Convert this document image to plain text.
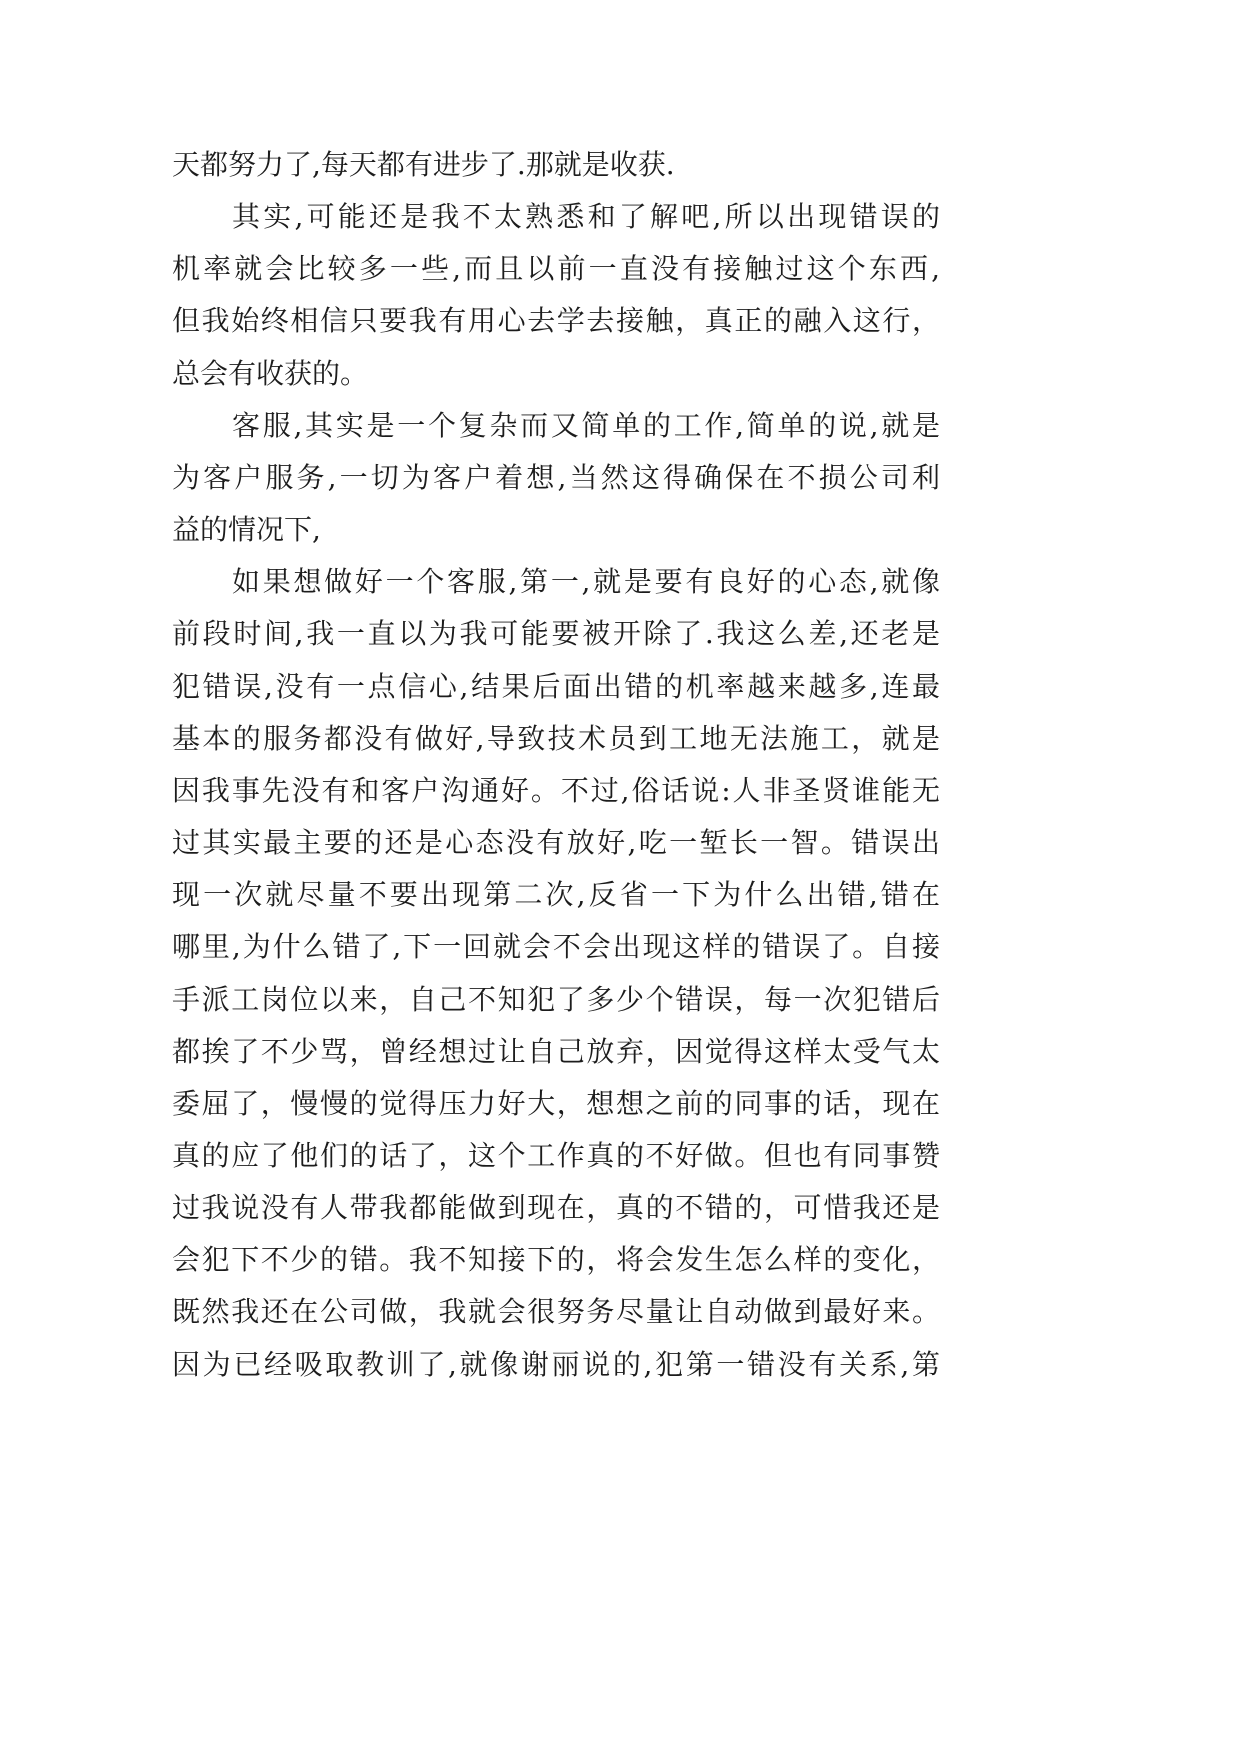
天都努力了,每天都有进步了.那就是收获.
其实,可能还是我不太熟悉和了解吧,所以出现错误的
机率就会比较多一些,而且以前一直没有接触过这个东西,
但我始终相信只要我有用心去学去接触，真正的融入这行，
总会有收获的。
客服,其实是一个复杂而又简单的工作,简单的说,就是
为客户服务,一切为客户着想,当然这得确保在不损公司利
益的情况下,
如果想做好一个客服,第一,就是要有良好的心态,就像
前段时间,我一直以为我可能要被开除了.我这么差,还老是
犯错误,没有一点信心,结果后面出错的机率越来越多,连最
基本的服务都没有做好,导致技术员到工地无法施工，就是
因我事先没有和客户沟通好。不过,俗话说:人非圣贤谁能无
过其实最主要的还是心态没有放好,吃一堑长一智。错误出
现一次就尽量不要出现第二次,反省一下为什么出错,错在
哪里,为什么错了,下一回就会不会出现这样的错误了。自接
手派工岗位以来，自己不知犯了多少个错误，每一次犯错后
都挨了不少骂，曾经想过让自己放弃，因觉得这样太受气太
委屈了，慢慢的觉得压力好大，想想之前的同事的话，现在
真的应了他们的话了，这个工作真的不好做。但也有同事赞
过我说没有人带我都能做到现在，真的不错的，可惜我还是
会犯下不少的错。我不知接下的，将会发生怎么样的变化，
既然我还在公司做，我就会很努务尽量让自动做到最好来。
因为已经吸取教训了,就像谢丽说的,犯第一错没有关系,第
